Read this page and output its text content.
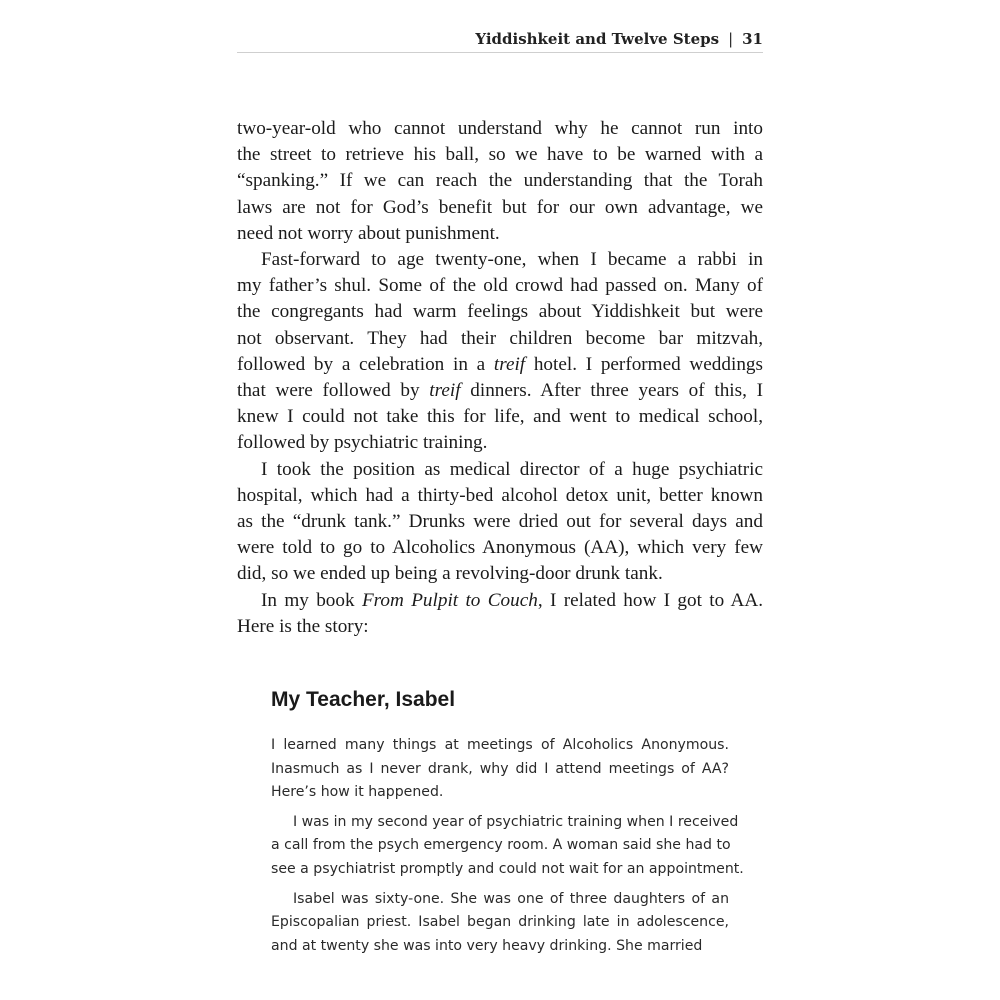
Yiddishkeit and Twelve Steps | 31
two-year-old who cannot understand why he cannot run into
the street to retrieve his ball, so we have to be warned with a
“spanking.” If we can reach the understanding that the Torah
laws are not for God’s benefit but for our own advantage, we
need not worry about punishment.
Fast-forward to age twenty-one, when I became a rabbi in
my father’s shul. Some of the old crowd had passed on. Many of
the congregants had warm feelings about Yiddishkeit but were
not observant. They had their children become bar mitzvah,
followed by a celebration in a treif hotel. I performed weddings
that were followed by treif dinners. After three years of this, I
knew I could not take this for life, and went to medical school,
followed by psychiatric training.
I took the position as medical director of a huge psychiatric
hospital, which had a thirty-bed alcohol detox unit, better known
as the “drunk tank.” Drunks were dried out for several days and
were told to go to Alcoholics Anonymous (AA), which very few
did, so we ended up being a revolving-door drunk tank.
In my book From Pulpit to Couch, I related how I got to AA.
Here is the story:
My Teacher, Isabel
I learned many things at meetings of Alcoholics Anonymous.
Inasmuch as I never drank, why did I attend meetings of AA?
Here’s how it happened.
I was in my second year of psychiatric training when I received
a call from the psych emergency room. A woman said she had to
see a psychiatrist promptly and could not wait for an appointment.
Isabel was sixty-one. She was one of three daughters of an
Episcopalian priest. Isabel began drinking late in adolescence,
and at twenty she was into very heavy drinking. She married
